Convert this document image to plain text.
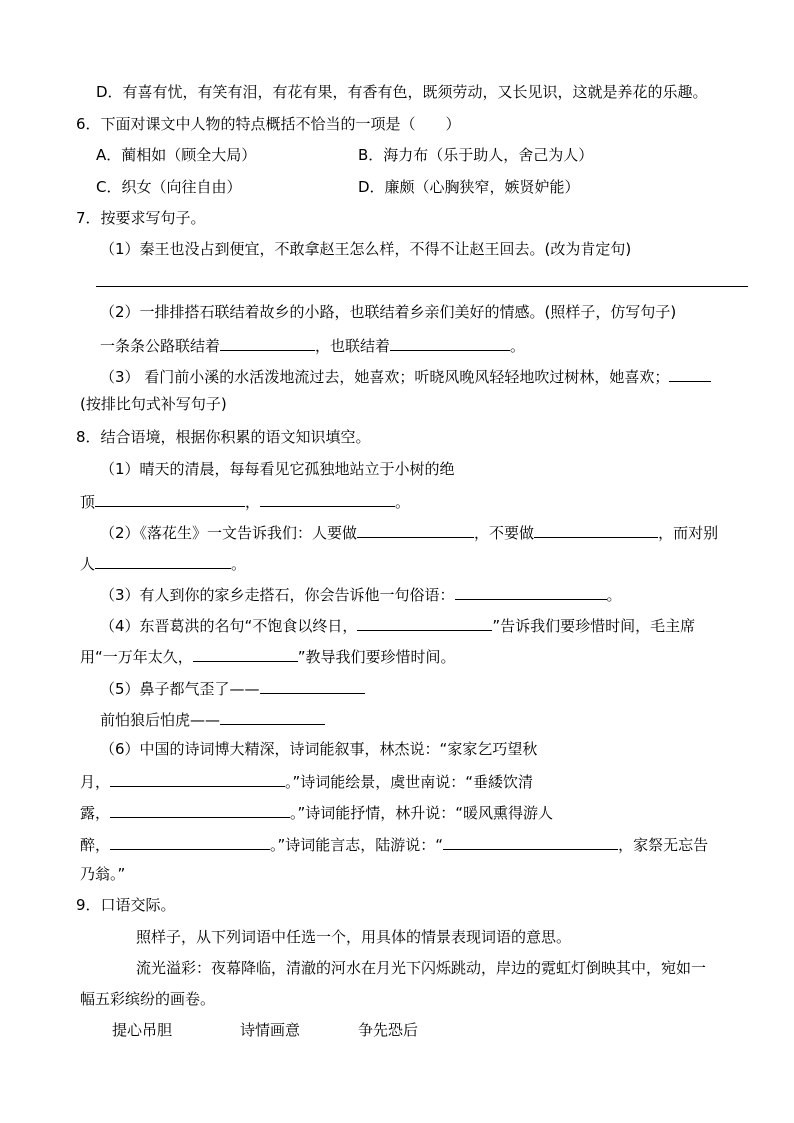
D．有喜有忧，有笑有泪，有花有果，有香有色，既须劳动，又长见识，这就是养花的乐趣。
6．下面对课文中人物的特点概括不恰当的一项是（　　）
A．蔺相如（顾全大局）	B．海力布（乐于助人，舍己为人）
C．织女（向往自由）	D．廉颇（心胸狭窄，嫉贤妒能）
7．按要求写句子。
（1）秦王也没占到便宜，不敢拿赵王怎么样，不得不让赵王回去。(改为肯定句)
（2）一排排搭石联结着故乡的小路，也联结着乡亲们美好的情感。(照样子，仿写句子)
一条条公路联结着	，也联结着	。
（3） 看门前小溪的水活泼地流过去，她喜欢；听晓风晚风轻轻地吹过树林，她喜欢；
(按排比句式补写句子)
8．结合语境，根据你积累的语文知识填空。
（1）晴天的清晨，每每看见它孤独地站立于小树的绝
顶	，	。
（2）《落花生》一文告诉我们：人要做	，不要做	，而对别
人	。
（3）有人到你的家乡走搭石，你会告诉他一句俗语：	。
（4）东晋葛洪的名句“不饱食以终日，	”告诉我们要珍惜时间，毛主席
用“一万年太久，	”教导我们要珍惜时间。
（5）鼻子都气歪了——
前怕狼后怕虎——
（6）中国的诗词博大精深，诗词能叙事，林杰说：“家家乞巧望秋
月，	。”诗词能绘景，虞世南说：“垂緌饮清
露，	。”诗词能抒情，林升说：“暖风熏得游人
醉，	。”诗词能言志，陆游说：“	，家祭无忘告
乃翁。”
9．口语交际。
照样子，从下列词语中任选一个，用具体的情景表现词语的意思。
流光溢彩：夜幕降临，清澈的河水在月光下闪烁跳动，岸边的霓虹灯倒映其中，宛如一
幅五彩缤纷的画卷。
提心吊胆	诗情画意	争先恐后
